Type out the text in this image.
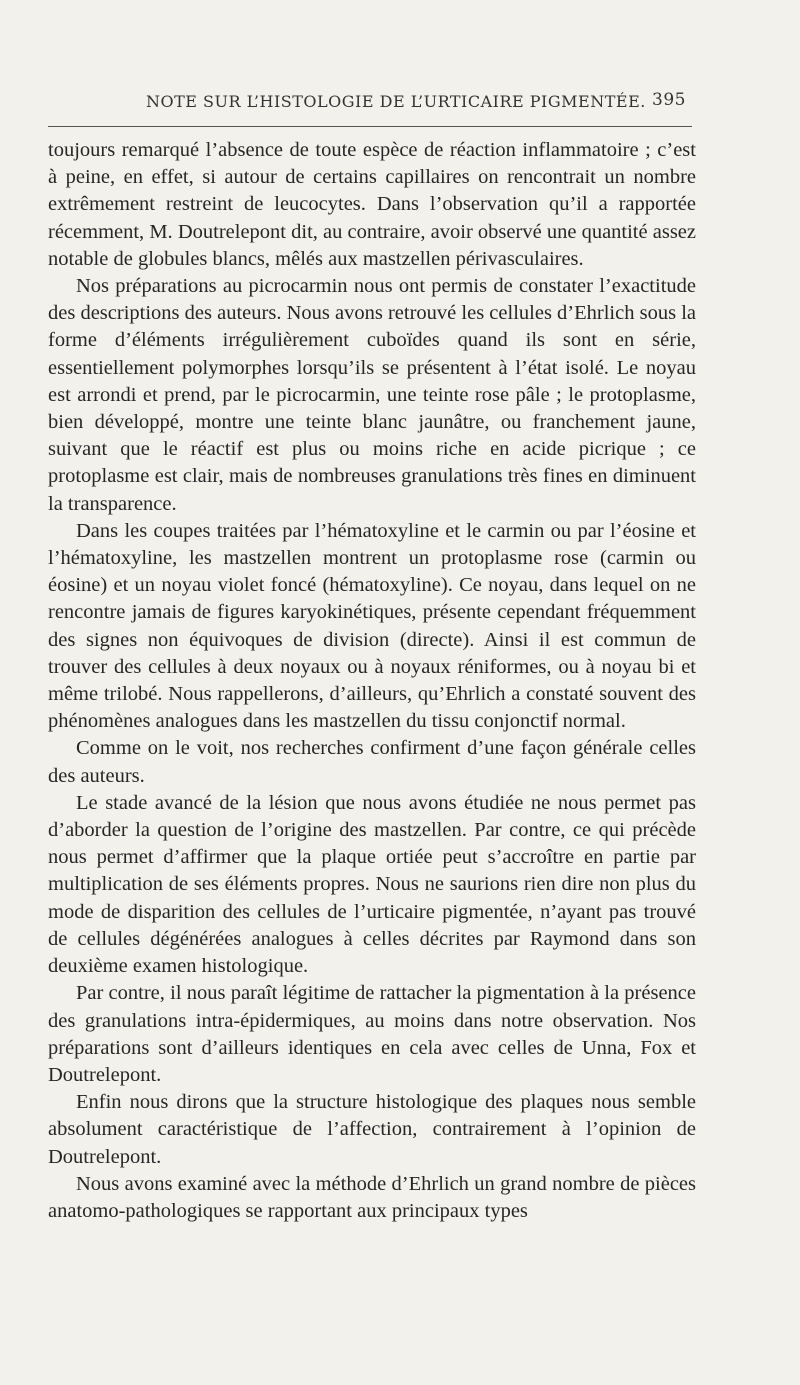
NOTE SUR L’HISTOLOGIE DE L’URTICAIRE PIGMENTÉE. 395

toujours remarqué l’absence de toute espèce de réaction inflammatoire ; c’est à peine, en effet, si autour de certains capillaires on rencontrait un nombre extrêmement restreint de leucocytes. Dans l’observation qu’il a rapportée récemment, M. Doutrelepont dit, au contraire, avoir observé une quantité assez notable de globules blancs, mêlés aux mastzellen périvasculaires.

Nos préparations au picrocarmin nous ont permis de constater l’exactitude des descriptions des auteurs. Nous avons retrouvé les cellules d’Ehrlich sous la forme d’éléments irrégulièrement cuboïdes quand ils sont en série, essentiellement polymorphes lorsqu’ils se présentent à l’état isolé. Le noyau est arrondi et prend, par le picrocarmin, une teinte rose pâle ; le protoplasme, bien développé, montre une teinte blanc jaunâtre, ou franchement jaune, suivant que le réactif est plus ou moins riche en acide picrique ; ce protoplasme est clair, mais de nombreuses granulations très fines en diminuent la transparence.

Dans les coupes traitées par l’hématoxyline et le carmin ou par l’éosine et l’hématoxyline, les mastzellen montrent un protoplasme rose (carmin ou éosine) et un noyau violet foncé (hématoxyline). Ce noyau, dans lequel on ne rencontre jamais de figures karyokinétiques, présente cependant fréquemment des signes non équivoques de division (directe). Ainsi il est commun de trouver des cellules à deux noyaux ou à noyaux réniformes, ou à noyau bi et même trilobé. Nous rappellerons, d’ailleurs, qu’Ehrlich a constaté souvent des phénomènes analogues dans les mastzellen du tissu conjonctif normal.

Comme on le voit, nos recherches confirment d’une façon générale celles des auteurs.

Le stade avancé de la lésion que nous avons étudiée ne nous permet pas d’aborder la question de l’origine des mastzellen. Par contre, ce qui précède nous permet d’affirmer que la plaque ortiée peut s’accroître en partie par multiplication de ses éléments propres. Nous ne saurions rien dire non plus du mode de disparition des cellules de l’urticaire pigmentée, n’ayant pas trouvé de cellules dégénérées analogues à celles décrites par Raymond dans son deuxième examen histologique.

Par contre, il nous paraît légitime de rattacher la pigmentation à la présence des granulations intra-épidermiques, au moins dans notre observation. Nos préparations sont d’ailleurs identiques en cela avec celles de Unna, Fox et Doutrelepont.

Enfin nous dirons que la structure histologique des plaques nous semble absolument caractéristique de l’affection, contrairement à l’opinion de Doutrelepont.

Nous avons examiné avec la méthode d’Ehrlich un grand nombre de pièces anatomo-pathologiques se rapportant aux principaux types
